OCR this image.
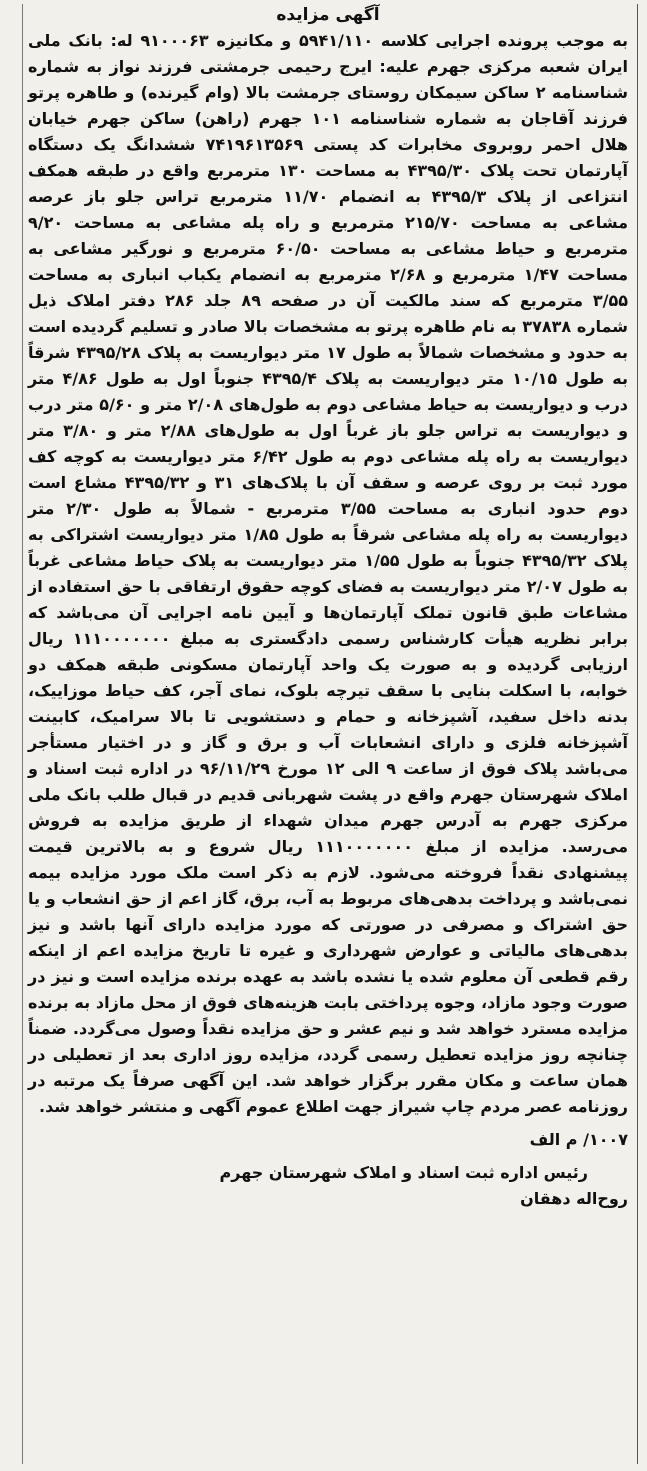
آگهی مزایده

به موجب پرونده اجرایی کلاسه ۵۹۴۱/۱۱۰ و مکانیزه ۹۱۰۰۰۶۳ له: بانک ملی ایران شعبه مرکزی جهرم علیه: ایرج رحیمی جرمشتی فرزند نواز به شماره شناسنامه ۲ ساکن سیمکان روستای جرمشت بالا (وام گیرنده) و طاهره پرتو فرزند آقاجان به شماره شناسنامه ۱۰۱ جهرم (راهن) ساکن جهرم خیابان هلال احمر روبروی مخابرات کد پستی ۷۴۱۹۶۱۳۵۶۹ ششدانگ یک دستگاه آپارتمان تحت پلاک ۴۳۹۵/۳۰ به مساحت ۱۳۰ مترمربع واقع در طبقه همکف انتزاعی از پلاک ۴۳۹۵/۳ به انضمام ۱۱/۷۰ مترمربع تراس جلو باز عرصه مشاعی به مساحت ۲۱۵/۷۰ مترمربع و راه پله مشاعی به مساحت ۹/۲۰ مترمربع و حیاط مشاعی به مساحت ۶۰/۵۰ مترمربع و نورگیر مشاعی به مساحت ۱/۴۷ مترمربع و ۲/۶۸ مترمربع به انضمام یکباب انباری به مساحت ۳/۵۵ مترمربع که سند مالکیت آن در صفحه ۸۹ جلد ۲۸۶ دفتر املاک ذیل شماره ۳۷۸۳۸ به نام طاهره پرتو به مشخصات بالا صادر و تسلیم گردیده است به حدود و مشخصات شمالاً به طول ۱۷ متر دیواریست به پلاک ۴۳۹۵/۲۸ شرقاً به طول ۱۰/۱۵ متر دیواریست به پلاک ۴۳۹۵/۴ جنوباً اول به طول ۴/۸۶ متر درب و دیواریست به حیاط مشاعی دوم به طول‌های ۲/۰۸ متر و ۵/۶۰ متر درب و دیواریست به تراس جلو باز غرباً اول به طول‌های ۲/۸۸ متر و ۳/۸۰ متر دیواریست به راه پله مشاعی دوم به طول ۶/۴۲ متر دیواریست به کوچه کف مورد ثبت بر روی عرصه و سقف آن با پلاک‌های ۳۱ و ۴۳۹۵/۳۲ مشاع است دوم حدود انباری به مساحت ۳/۵۵ مترمربع - شمالاً به طول ۲/۳۰ متر دیواریست به راه پله مشاعی شرقاً به طول ۱/۸۵ متر دیواریست اشتراکی به پلاک ۴۳۹۵/۳۲ جنوباً به طول ۱/۵۵ متر دیواریست به پلاک حیاط مشاعی غرباً به طول ۲/۰۷ متر دیواریست به فضای کوچه حقوق ارتفاقی با حق استفاده از مشاعات طبق قانون تملک آپارتمان‌ها و آیین نامه اجرایی آن می‌باشد که برابر نظریه هیأت کارشناس رسمی دادگستری به مبلغ ۱۱۱۰۰۰۰۰۰۰ ریال ارزیابی گردیده و به صورت یک واحد آپارتمان مسکونی طبقه همکف دو خوابه، با اسکلت بنایی با سقف تیرچه بلوک، نمای آجر، کف حیاط موزاییک، بدنه داخل سفید، آشپزخانه و حمام و دستشویی تا بالا سرامیک، کابینت آشپزخانه فلزی و دارای انشعابات آب و برق و گاز و در اختیار مستأجر می‌باشد پلاک فوق از ساعت ۹ الی ۱۲ مورخ ۹۶/۱۱/۲۹ در اداره ثبت اسناد و املاک شهرستان جهرم واقع در پشت شهربانی قدیم در قبال طلب بانک ملی مرکزی جهرم به آدرس جهرم میدان شهداء از طریق مزایده به فروش می‌رسد. مزایده از مبلغ ۱۱۱۰۰۰۰۰۰۰ ریال شروع و به بالاترین قیمت پیشنهادی نقداً فروخته می‌شود. لازم به ذکر است ملک مورد مزایده بیمه نمی‌باشد و پرداخت بدهی‌های مربوط به آب، برق، گاز اعم از حق انشعاب و یا حق اشتراک و مصرفی در صورتی که مورد مزایده دارای آنها باشد و نیز بدهی‌های مالیاتی و عوارض شهرداری و غیره تا تاریخ مزایده اعم از اینکه رقم قطعی آن معلوم شده یا نشده باشد به عهده برنده مزایده است و نیز در صورت وجود مازاد، وجوه پرداختی بابت هزینه‌های فوق از محل مازاد به برنده مزایده مسترد خواهد شد و نیم عشر و حق مزایده نقداً وصول می‌گردد. ضمناً چنانچه روز مزایده تعطیل رسمی گردد، مزایده روز اداری بعد از تعطیلی در همان ساعت و مکان مقرر برگزار خواهد شد. این آگهی صرفاً یک مرتبه در روزنامه عصر مردم چاپ شیراز جهت اطلاع عموم آگهی و منتشر خواهد شد.

۱۰۰۷/ م الف
رئیس اداره ثبت اسناد و املاک شهرستان جهرم
روح‌اله دهقان
